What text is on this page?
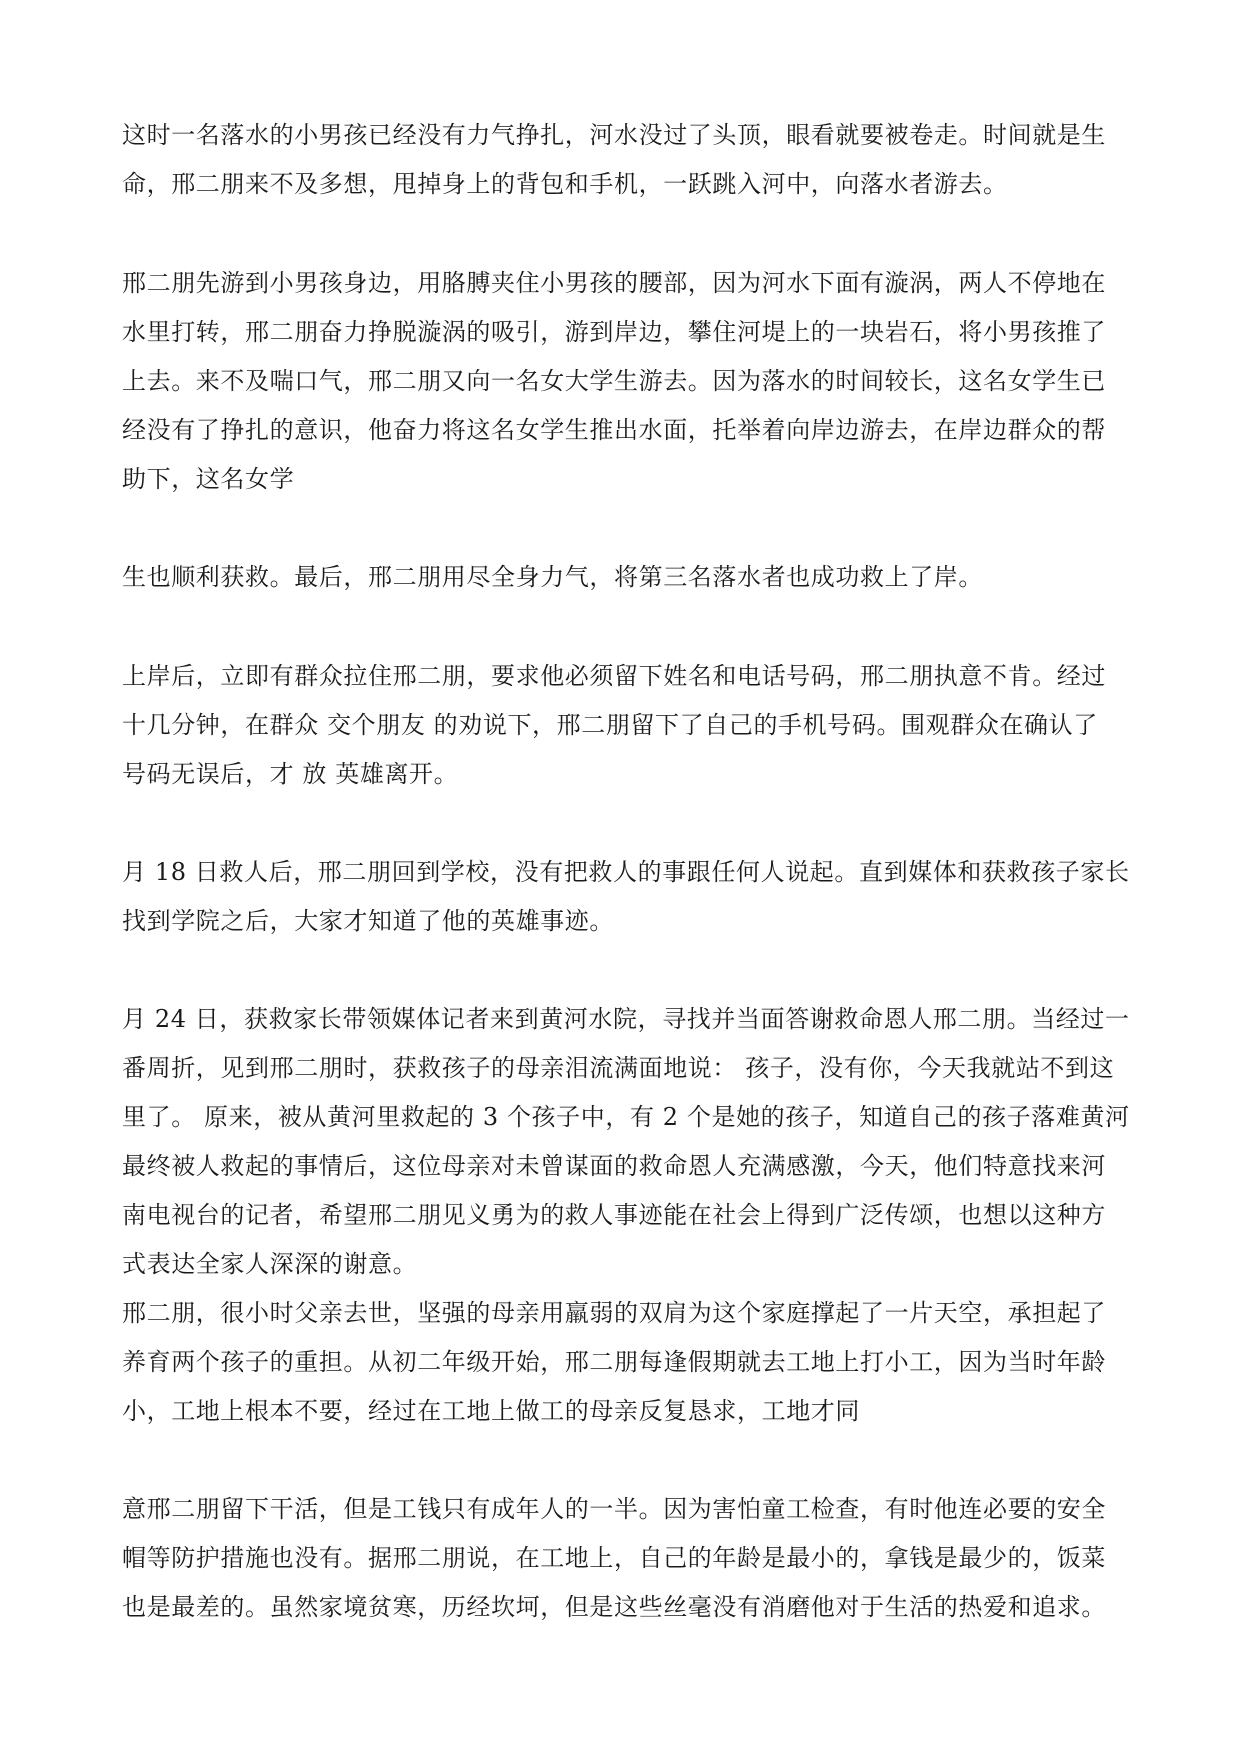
这时一名落水的小男孩已经没有力气挣扎，河水没过了头顶，眼看就要被卷走。时间就是生
命，邢二朋来不及多想，甩掉身上的背包和手机，一跃跳入河中，向落水者游去。

邢二朋先游到小男孩身边，用胳膊夹住小男孩的腰部，因为河水下面有漩涡，两人不停地在
水里打转，邢二朋奋力挣脱漩涡的吸引，游到岸边，攀住河堤上的一块岩石，将小男孩推了
上去。来不及喘口气，邢二朋又向一名女大学生游去。因为落水的时间较长，这名女学生已
经没有了挣扎的意识，他奋力将这名女学生推出水面，托举着向岸边游去，在岸边群众的帮
助下，这名女学

生也顺利获救。最后，邢二朋用尽全身力气，将第三名落水者也成功救上了岸。

上岸后，立即有群众拉住邢二朋，要求他必须留下姓名和电话号码，邢二朋执意不肯。经过
十几分钟，在群众 交个朋友 的劝说下，邢二朋留下了自己的手机号码。围观群众在确认了
号码无误后，才 放 英雄离开。

月 18 日救人后，邢二朋回到学校，没有把救人的事跟任何人说起。直到媒体和获救孩子家长
找到学院之后，大家才知道了他的英雄事迹。

月 24 日，获救家长带领媒体记者来到黄河水院，寻找并当面答谢救命恩人邢二朋。当经过一
番周折，见到邢二朋时，获救孩子的母亲泪流满面地说： 孩子，没有你，今天我就站不到这
里了。 原来，被从黄河里救起的 3 个孩子中，有 2 个是她的孩子，知道自己的孩子落难黄河
最终被人救起的事情后，这位母亲对未曾谋面的救命恩人充满感激，今天，他们特意找来河
南电视台的记者，希望邢二朋见义勇为的救人事迹能在社会上得到广泛传颂，也想以这种方
式表达全家人深深的谢意。
邢二朋，很小时父亲去世，坚强的母亲用羸弱的双肩为这个家庭撑起了一片天空，承担起了
养育两个孩子的重担。从初二年级开始，邢二朋每逢假期就去工地上打小工，因为当时年龄
小，工地上根本不要，经过在工地上做工的母亲反复恳求，工地才同

意邢二朋留下干活，但是工钱只有成年人的一半。因为害怕童工检查，有时他连必要的安全
帽等防护措施也没有。据邢二朋说，在工地上，自己的年龄是最小的，拿钱是最少的，饭菜
也是最差的。虽然家境贫寒，历经坎坷，但是这些丝毫没有消磨他对于生活的热爱和追求。
